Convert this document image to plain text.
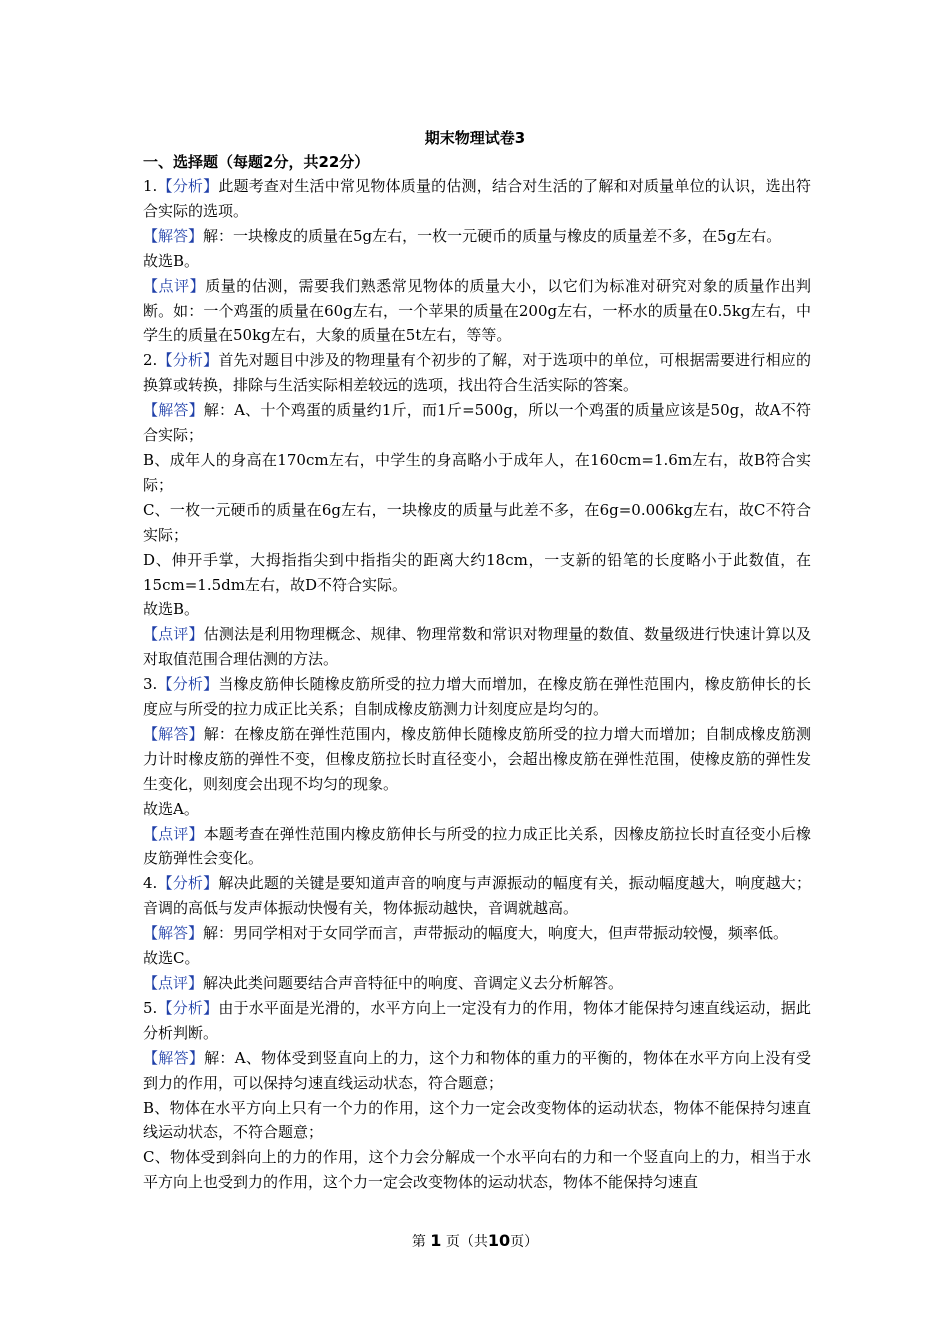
期末物理试卷3
一、选择题（每题2分，共22分）

1.【分析】此题考查对生活中常见物体质量的估测，结合对生活的了解和对质量单位的认识，选出符合实际的选项。

【解答】解：一块橡皮的质量在5g左右，一枚一元硬币的质量与橡皮的质量差不多，在5g左右。

故选B。

【点评】质量的估测，需要我们熟悉常见物体的质量大小，以它们为标准对研究对象的质量作出判断。如：一个鸡蛋的质量在60g左右，一个苹果的质量在200g左右，一杯水的质量在0.5kg左右，中学生的质量在50kg左右，大象的质量在5t左右，等等。

2.【分析】首先对题目中涉及的物理量有个初步的了解，对于选项中的单位，可根据需要进行相应的换算或转换，排除与生活实际相差较远的选项，找出符合生活实际的答案。

【解答】解：A、十个鸡蛋的质量约1斤，而1斤=500g，所以一个鸡蛋的质量应该是50g，故A不符合实际；

B、成年人的身高在170cm左右，中学生的身高略小于成年人，在160cm=1.6m左右，故B符合实际；

C、一枚一元硬币的质量在6g左右，一块橡皮的质量与此差不多，在6g=0.006kg左右，故C不符合实际；

D、伸开手掌，大拇指指尖到中指指尖的距离大约18cm，一支新的铅笔的长度略小于此数值，在15cm=1.5dm左右，故D不符合实际。

故选B。

【点评】估测法是利用物理概念、规律、物理常数和常识对物理量的数值、数量级进行快速计算以及对取值范围合理估测的方法。

3.【分析】当橡皮筋伸长随橡皮筋所受的拉力增大而增加，在橡皮筋在弹性范围内，橡皮筋伸长的长度应与所受的拉力成正比关系；自制成橡皮筋测力计刻度应是均匀的。

【解答】解：在橡皮筋在弹性范围内，橡皮筋伸长随橡皮筋所受的拉力增大而增加；自制成橡皮筋测力计时橡皮筋的弹性不变，但橡皮筋拉长时直径变小，会超出橡皮筋在弹性范围，使橡皮筋的弹性发生变化，则刻度会出现不均匀的现象。

故选A。

【点评】本题考查在弹性范围内橡皮筋伸长与所受的拉力成正比关系，因橡皮筋拉长时直径变小后橡皮筋弹性会变化。

4.【分析】解决此题的关键是要知道声音的响度与声源振动的幅度有关，振动幅度越大，响度越大；音调的高低与发声体振动快慢有关，物体振动越快，音调就越高。

【解答】解：男同学相对于女同学而言，声带振动的幅度大，响度大，但声带振动较慢，频率低。

故选C。

【点评】解决此类问题要结合声音特征中的响度、音调定义去分析解答。

5.【分析】由于水平面是光滑的，水平方向上一定没有力的作用，物体才能保持匀速直线运动，据此分析判断。

【解答】解：A、物体受到竖直向上的力，这个力和物体的重力的平衡的，物体在水平方向上没有受到力的作用，可以保持匀速直线运动状态，符合题意；

B、物体在水平方向上只有一个力的作用，这个力一定会改变物体的运动状态，物体不能保持匀速直线运动状态，不符合题意；

C、物体受到斜向上的力的作用，这个力会分解成一个水平向右的力和一个竖直向上的力，相当于水平方向上也受到力的作用，这个力一定会改变物体的运动状态，物体不能保持匀速直

第 1 页（共10页）
